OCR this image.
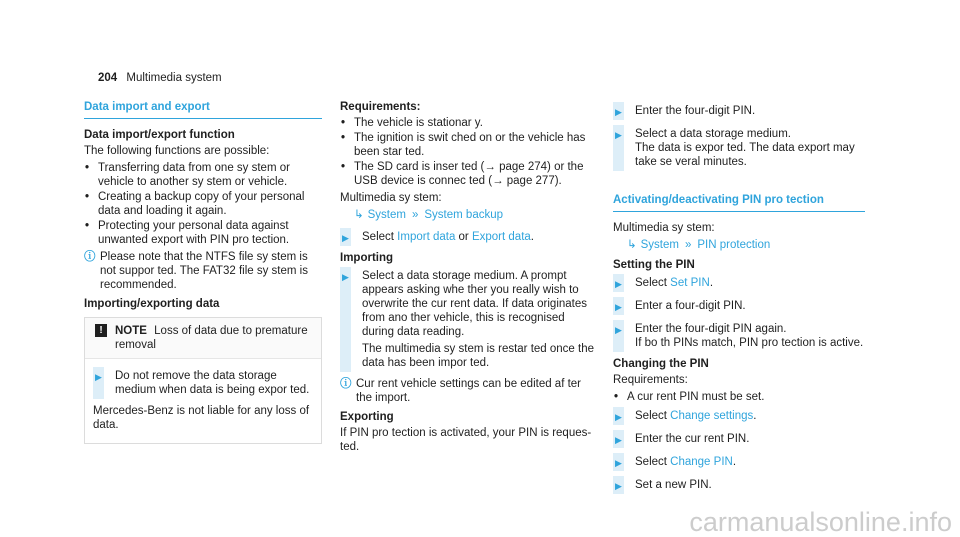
204 Multimedia system
Data import and export
Data import/export function

The following functions are possible:

• Transferring data from one sy stem or vehicle to another sy stem or vehicle.
• Creating a backup copy of your personal data and loading it again.
• Protecting your personal data against unwanted export with PIN pro tection.
ⓘ Please note that the NTFS file sy stem is not suppor ted. The FAT32 file sy stem is recommended.
Importing/exporting data
!	NOTE Loss of data due to premature removal
▶ Do not remove the data storage medium when data is being expor ted.

Mercedes-Benz is not liable for any loss of data.

Requirements:
• The vehicle is stationar y.
• The ignition is swit ched on or the vehicle has been star ted.
• The SD card is inser ted (→ page 274) or the USB device is connec ted (→ page 277).

Multimedia sy stem:

↳ System » System backup
▶ Select Import data or Export data.

Importing
▶ Select a data storage medium. A prompt appears asking whe ther you really wish to overwrite the cur rent data. If data originates from ano ther vehicle, this is recognised during data reading.

The multimedia sy stem is restar ted once the data has been impor ted.

ⓘ Cur rent vehicle settings can be edited af ter the import.
Exporting

If PIN pro tection is activated, your PIN is requested.

▶ Enter the four-digit PIN.

▶ Select a data storage medium.

The data is expor ted. The data export may take se veral minutes.

Activating/deactivating PIN pro tection

Multimedia sy stem:

↳ System » PIN protection
Setting the PIN
▶ Select Set PIN.

▶ Enter a four-digit PIN.

▶ Enter the four-digit PIN again.

If bo th PINs match, PIN pro tection is active.

Changing the PIN

Requirements:

• A cur rent PIN must be set.
▶ Select Change settings.

▶ Enter the cur rent PIN.

▶ Select Change PIN.

▶ Set a new PIN.

carmanualsonline.info
